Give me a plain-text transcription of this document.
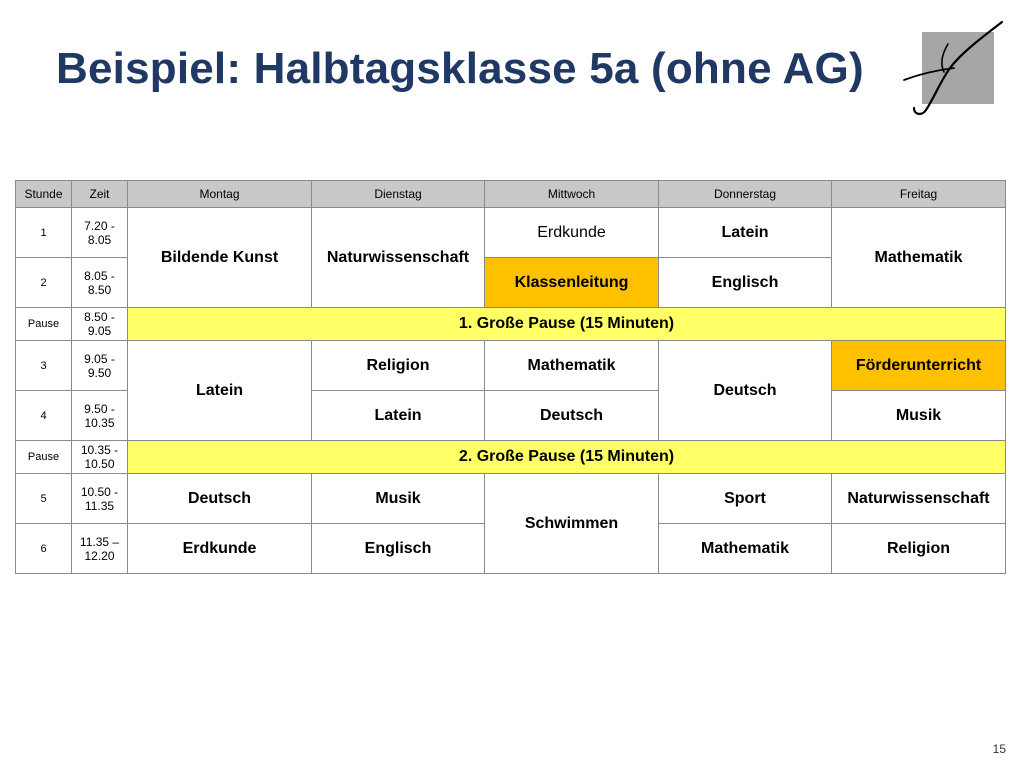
Beispiel: Halbtagsklasse 5a (ohne AG)
Stunde	Zeit	Montag	Dienstag	Mittwoch	Donnerstag	Freitag
1	7.20 - 8.05	Bildende Kunst	Naturwissenschaft	Erdkunde	Latein	Mathematik
2	8.05 - 8.50			Klassenleitung	Englisch	
Pause	8.50 - 9.05	1. Große Pause (15 Minuten)				
3	9.05 - 9.50	Latein	Religion	Mathematik	Deutsch	Förderunterricht
4	9.50 - 10.35		Latein	Deutsch		Musik
Pause	10.35 - 10.50	2. Große Pause (15 Minuten)				
5	10.50 - 11.35	Deutsch	Musik	Schwimmen	Sport	Naturwissenschaft
6	11.35 – 12.20	Erdkunde	Englisch		Mathematik	Religion
15
